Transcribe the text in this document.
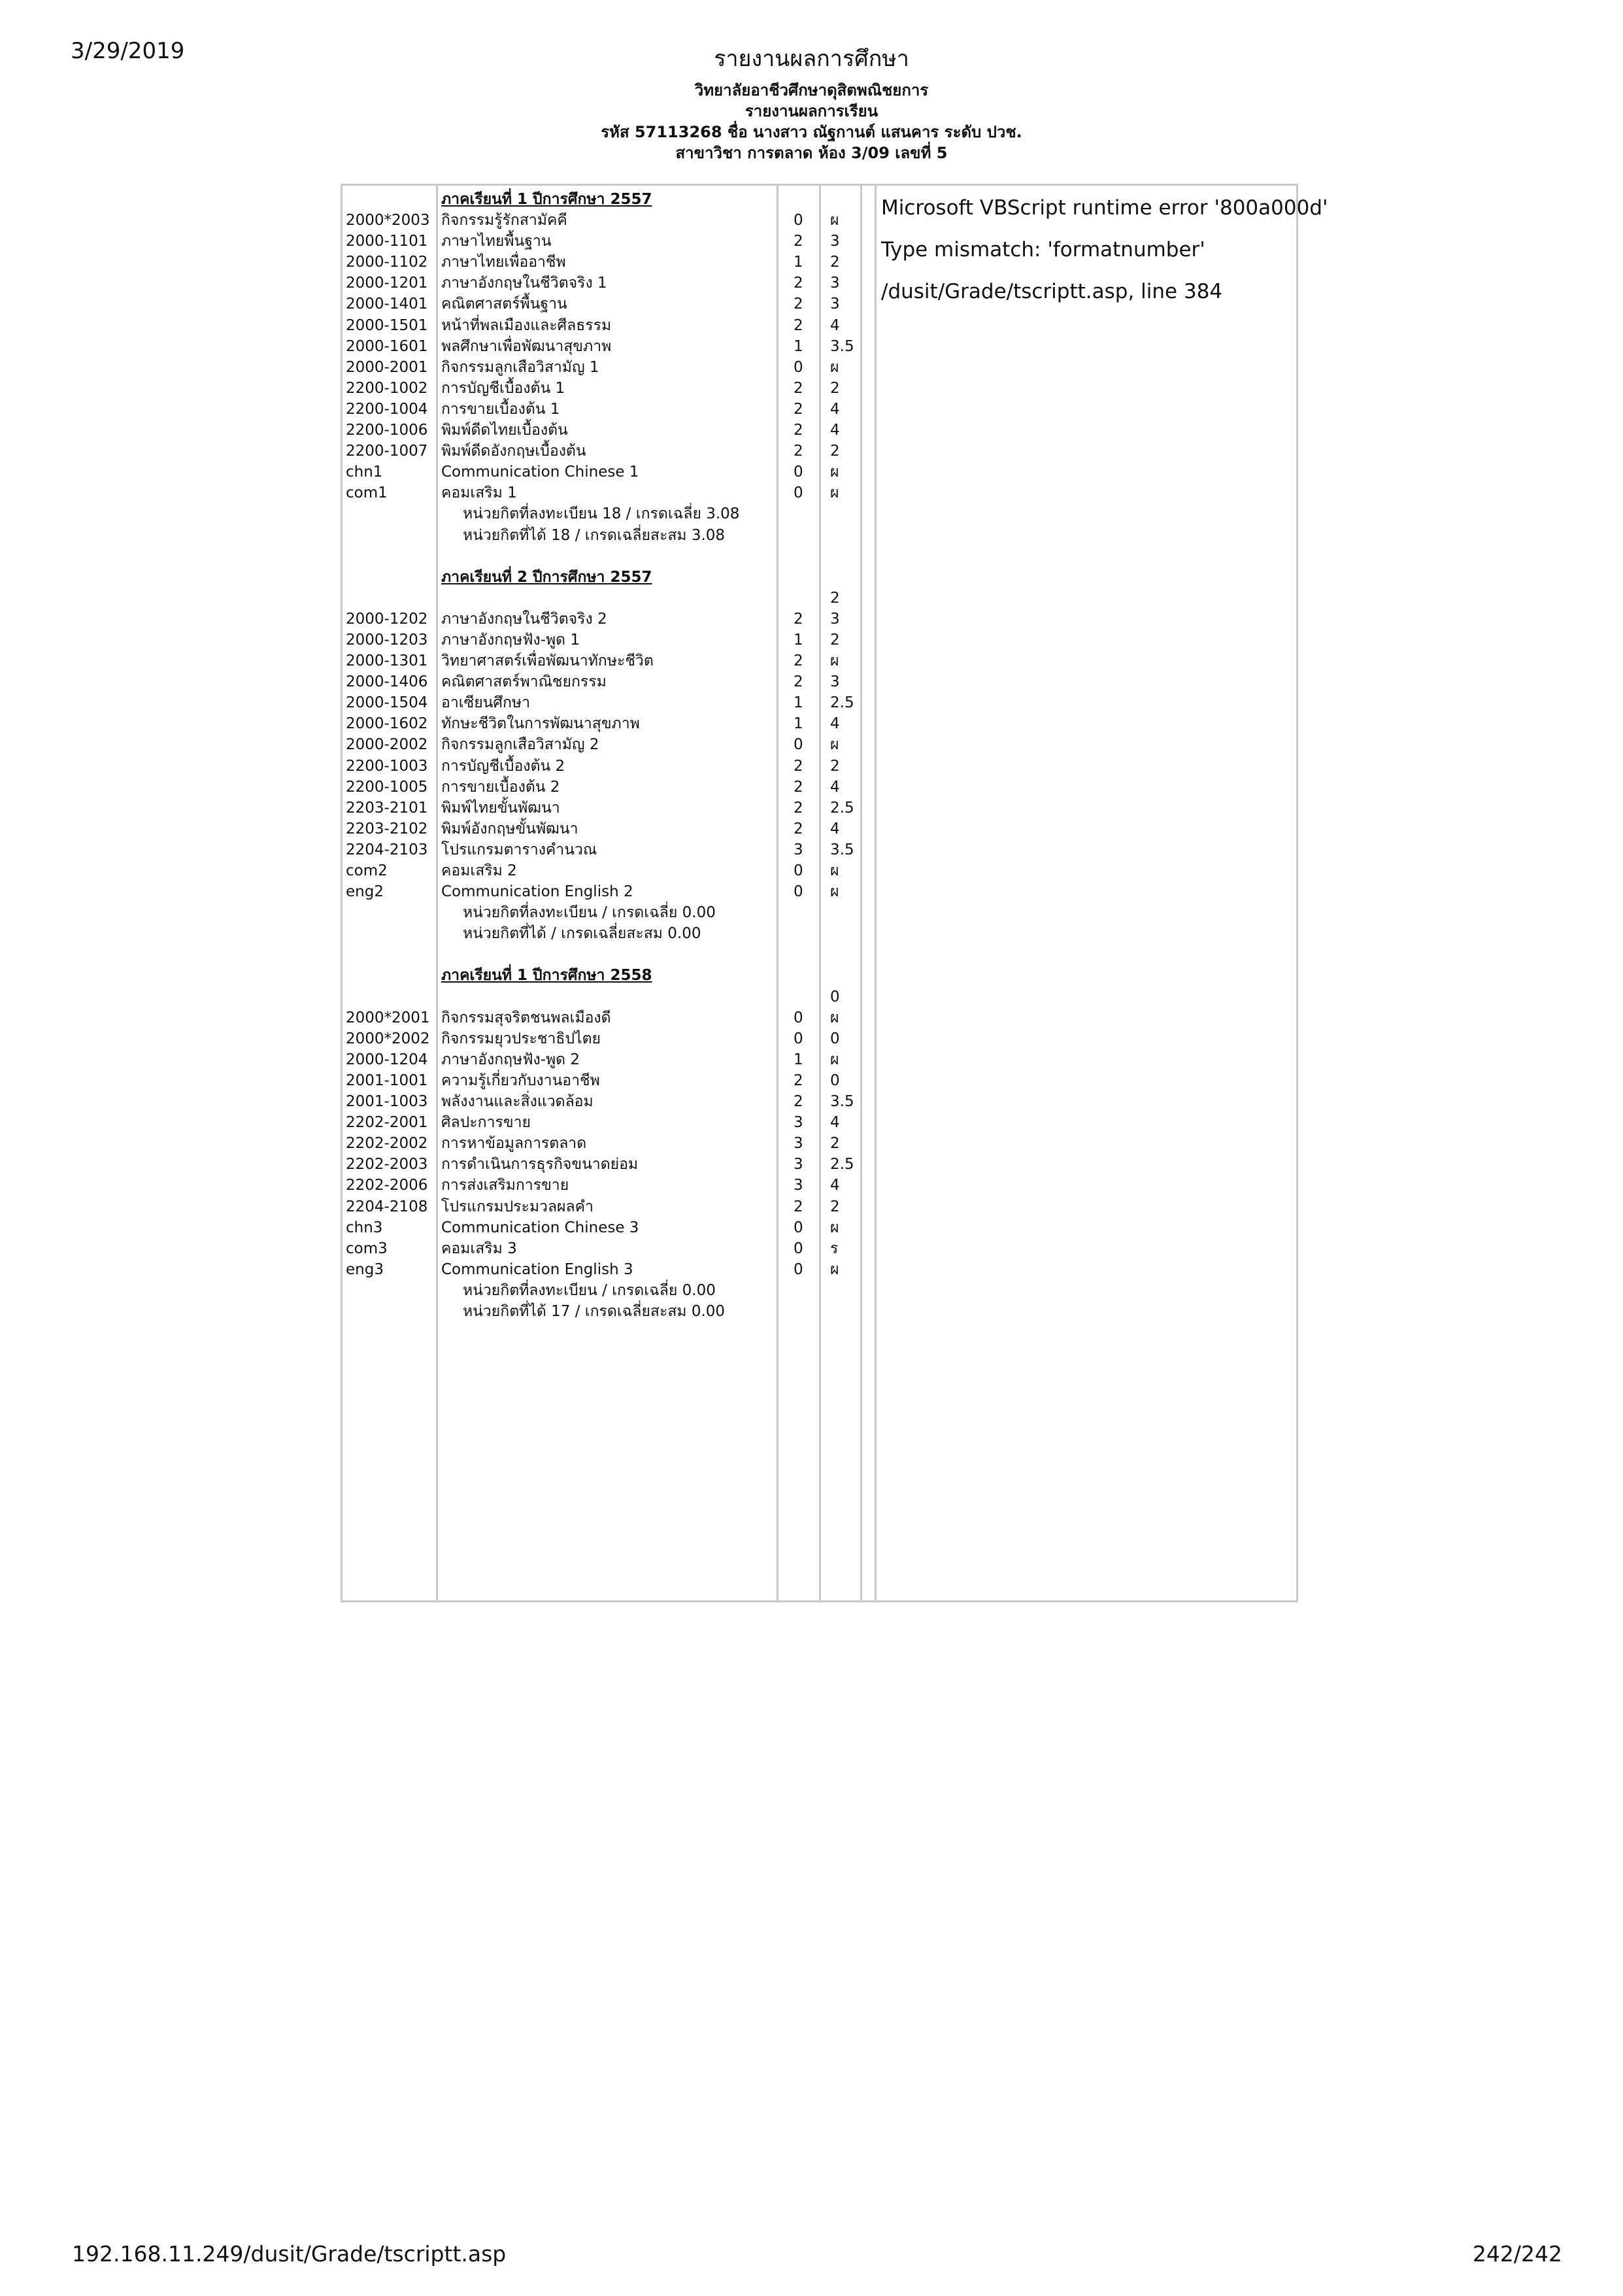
3/29/2019	รายงานผลการศึกษา
วิทยาลัยอาชีวศึกษาดุสิตพณิชยการ
รายงานผลการเรียน
รหัส 57113268 ชื่อ นางสาว ณัฐกานต์ แสนคาร ระดับ ปวช.
สาขาวิชา การตลาด ห้อง 3/09 เลขที่ 5
ภาคเรียนที่ 1 ปีการศึกษา 2557
2000*2003 กิจกรรมรู้รักสามัคคี	0 ผ
2000-1101 ภาษาไทยพื้นฐาน	2 3
2000-1102 ภาษาไทยเพื่ออาชีพ	1 2
2000-1201 ภาษาอังกฤษในชีวิตจริง 1	2 3
2000-1401 คณิตศาสตร์พื้นฐาน	2 3
2000-1501 หน้าที่พลเมืองและศีลธรรม	2 4
2000-1601 พลศึกษาเพื่อพัฒนาสุขภาพ	1 3.5
2000-2001 กิจกรรมลูกเสือวิสามัญ 1	0 ผ
2200-1002 การบัญชีเบื้องต้น 1	2 2
2200-1004 การขายเบื้องต้น 1	2 4
2200-1006 พิมพ์ดีดไทยเบื้องต้น	2 4
2200-1007 พิมพ์ดีดอังกฤษเบื้องต้น	2 2
chn1	Communication Chinese 1	0 ผ
com1	คอมเสริม 1	0 ผ
หน่วยกิตที่ลงทะเบียน 18 / เกรดเฉลี่ย 3.08
หน่วยกิตที่ได้ 18 / เกรดเฉลี่ยสะสม 3.08
ภาคเรียนที่ 2 ปีการศึกษา 2557
2
2000-1202 ภาษาอังกฤษในชีวิตจริง 2	2 3
2000-1203 ภาษาอังกฤษฟัง-พูด 1	1 2
2000-1301 วิทยาศาสตร์เพื่อพัฒนาทักษะชีวิต	2 ผ
2000-1406 คณิตศาสตร์พาณิชยกรรม	2 3
2000-1504 อาเซียนศึกษา	1 2.5
2000-1602 ทักษะชีวิตในการพัฒนาสุขภาพ	1 4
2000-2002 กิจกรรมลูกเสือวิสามัญ 2	0 ผ
2200-1003 การบัญชีเบื้องต้น 2	2 2
2200-1005 การขายเบื้องต้น 2	2 4
2203-2101 พิมพ์ไทยขั้นพัฒนา	2 2.5
2203-2102 พิมพ์อังกฤษขั้นพัฒนา	2 4
2204-2103 โปรแกรมตารางคำนวณ	3 3.5
com2	คอมเสริม 2	0 ผ
eng2	Communication English 2	0 ผ
หน่วยกิตที่ลงทะเบียน / เกรดเฉลี่ย 0.00
หน่วยกิตที่ได้ / เกรดเฉลี่ยสะสม 0.00
ภาคเรียนที่ 1 ปีการศึกษา 2558
0
2000*2001 กิจกรรมสุจริตชนพลเมืองดี	0 ผ
2000*2002 กิจกรรมยุวประชาธิปไตย	0 0
2000-1204 ภาษาอังกฤษฟัง-พูด 2	1 ผ
2001-1001 ความรู้เกี่ยวกับงานอาชีพ	2 0
2001-1003 พลังงานและสิ่งแวดล้อม	2 3.5
2202-2001 ศิลปะการขาย	3 4
2202-2002 การหาข้อมูลการตลาด	3 2
2202-2003 การดำเนินการธุรกิจขนาดย่อม	3 2.5
2202-2006 การส่งเสริมการขาย	3 4
2204-2108 โปรแกรมประมวลผลคำ	2 2
chn3	Communication Chinese 3	0 ผ
com3	คอมเสริม 3	0 ร
eng3	Communication English 3	0 ผ
หน่วยกิตที่ลงทะเบียน / เกรดเฉลี่ย 0.00
หน่วยกิตที่ได้ 17 / เกรดเฉลี่ยสะสม 0.00
Microsoft VBScript runtime error '800a000d'
Type mismatch: 'formatnumber'
/dusit/Grade/tscriptt.asp, line 384
192.168.11.249/dusit/Grade/tscriptt.asp	242/242
